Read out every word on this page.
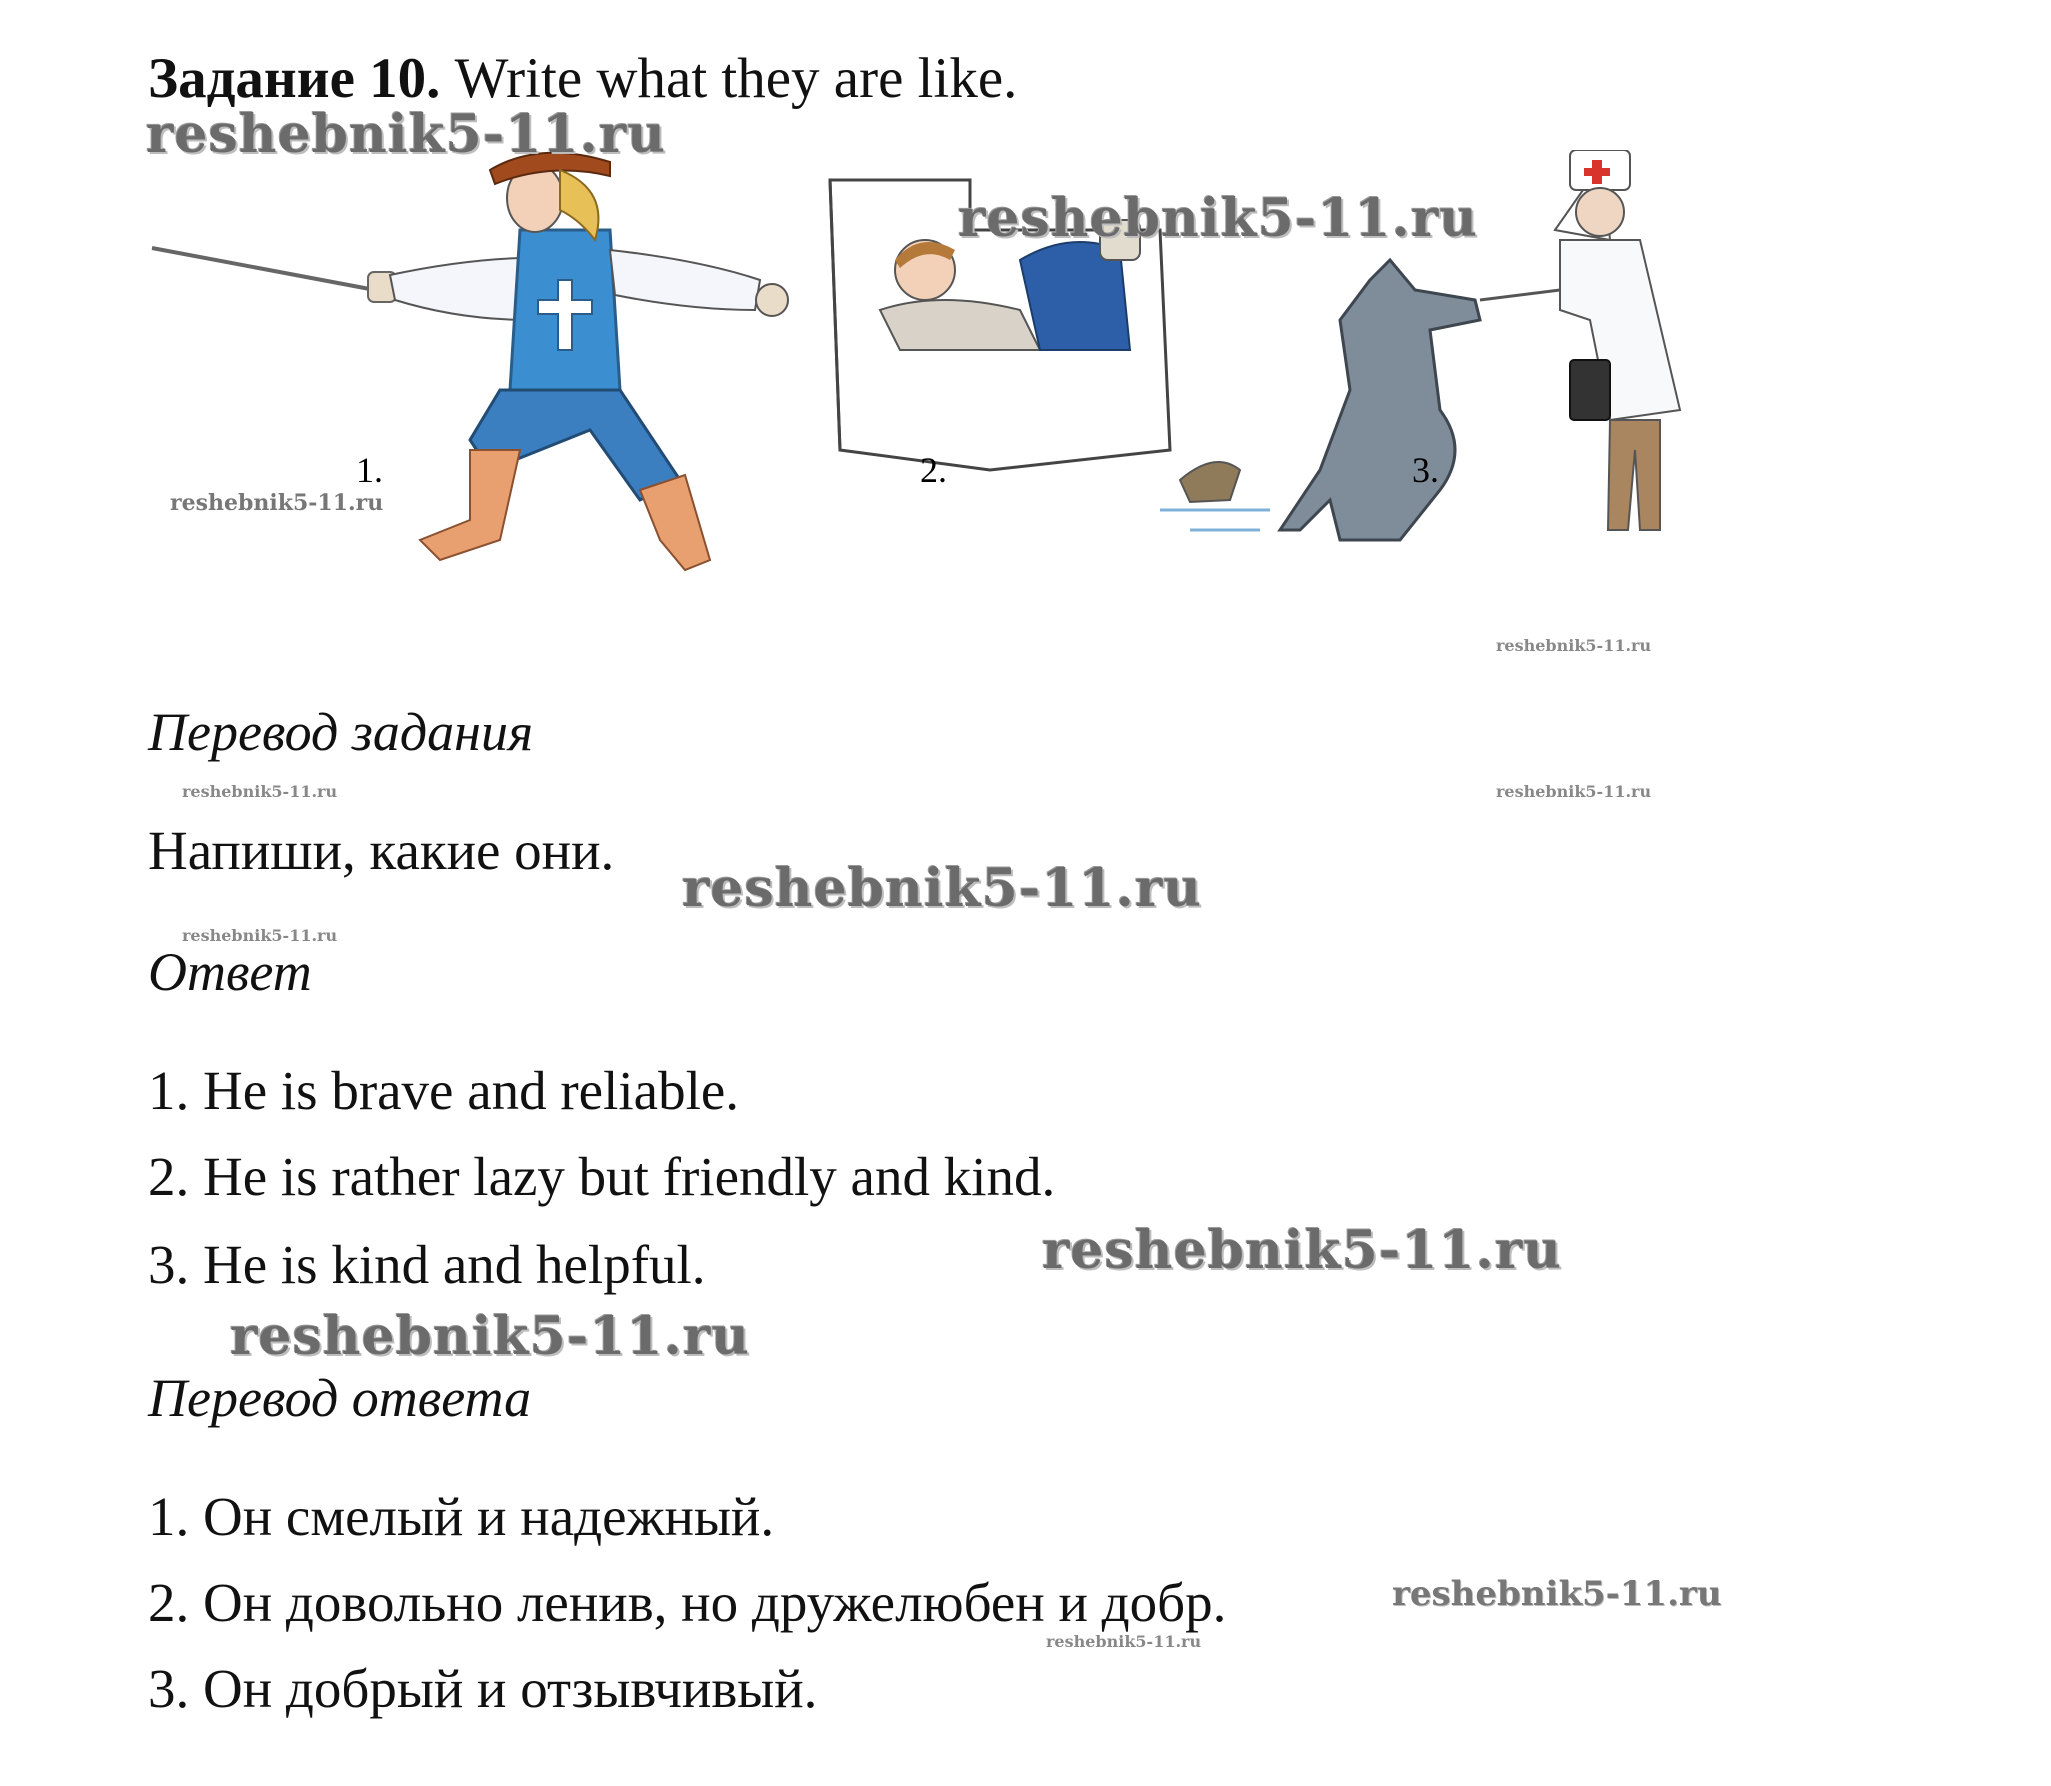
Задание 10. Write what they are like.
1.	2.	3.
Перевод задания
Напиши, какие они.
Ответ
1. He is brave and reliable.
2. He is rather lazy but friendly and kind.
3. He is kind and helpful.
Перевод ответа
1. Он смелый и надежный.
2. Он довольно ленив, но дружелюбен и добр.
3. Он добрый и отзывчивый.
reshebnik5-11.ru
reshebnik5-11.ru
reshebnik5-11.ru
reshebnik5-11.ru
reshebnik5-11.ru	reshebnik5-11.ru
reshebnik5-11.ru
reshebnik5-11.ru
reshebnik5-11.ru
reshebnik5-11.ru
reshebnik5-11.ru
reshebnik5-11.ru
